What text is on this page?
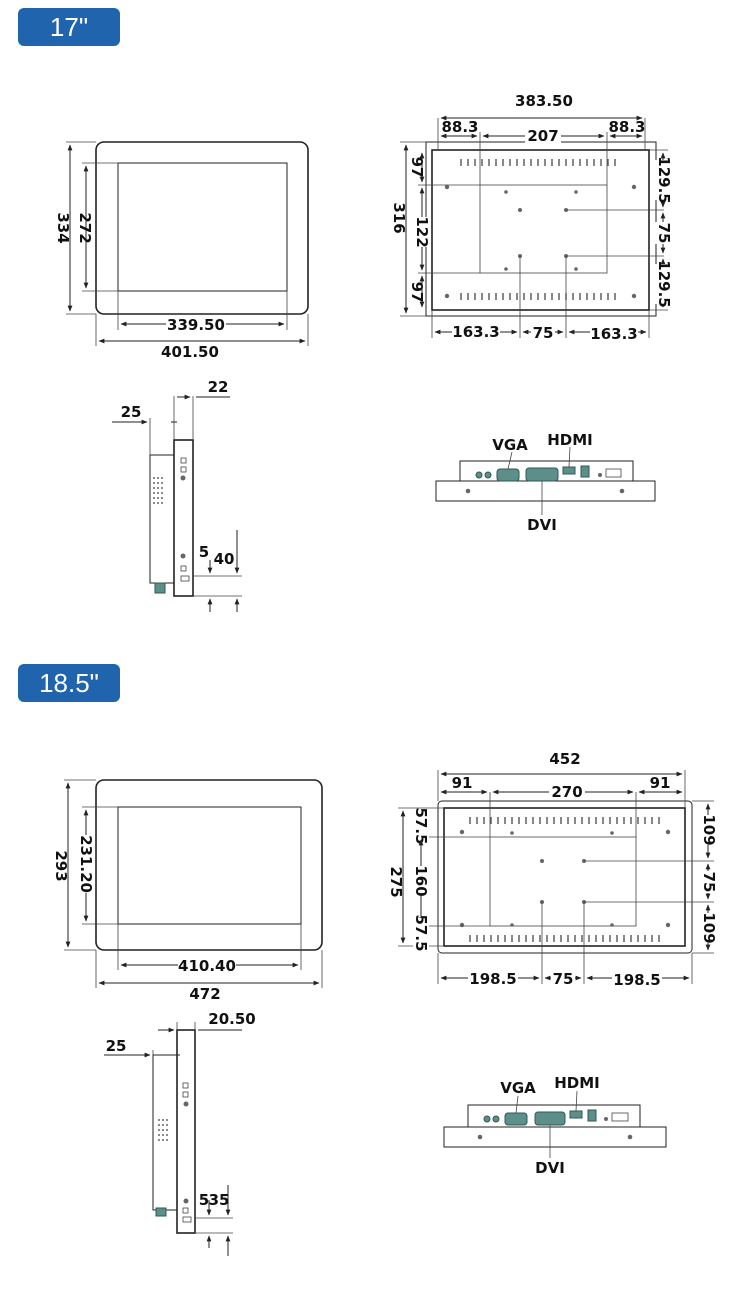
17"
18.5"
334 272
339.50
401.50
383.50
88.3	207	88.3
316
97
122
97
129.5
75
129.5
163.3 75 163.3
25
22
5 40
VGA HDMI
DVI
293 231.20
410.40
472
452
91	270	91
275
57.5
160
57.5
109
75
109
198.5 75	198.5
25
20.50
5 35
VGA HDMI
DVI
